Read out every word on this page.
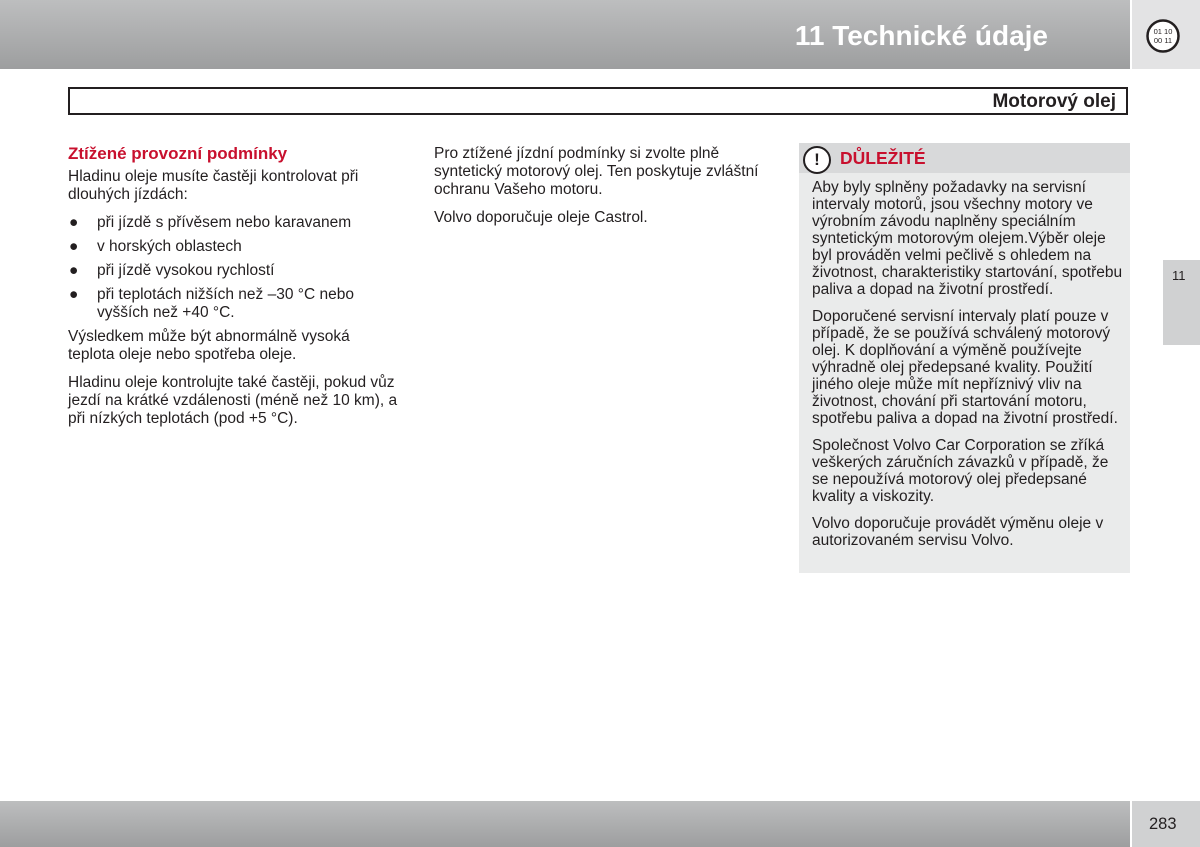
11 Technické údaje	01 10
00 11
Motorový olej
Ztížené provozní podmínky

Hladinu oleje musíte častěji kontrolovat při dlouhých jízdách:

● při jízdě s přívěsem nebo karavanem
● v horských oblastech
● při jízdě vysokou rychlostí
● při teplotách nižších než –30 °C nebo vyšších než +40 °C.

Výsledkem může být abnormálně vysoká teplota oleje nebo spotřeba oleje.

Hladinu oleje kontrolujte také častěji, pokud vůz jezdí na krátké vzdálenosti (méně než 10 km), a při nízkých teplotách (pod +5 °C).

Pro ztížené jízdní podmínky si zvolte plně syntetický motorový olej. Ten poskytuje zvláštní ochranu Vašeho motoru.

Volvo doporučuje oleje Castrol.

!	DŮLEŽITÉ

Aby byly splněny požadavky na servisní intervaly motorů, jsou všechny motory ve výrobním závodu naplněny speciálním syntetickým motorovým olejem.Výběr oleje byl prováděn velmi pečlivě s ohledem na životnost, charakteristiky startování, spotřebu paliva a dopad na životní prostředí.

Doporučené servisní intervaly platí pouze v případě, že se používá schválený motorový olej. K doplňování a výměně používejte výhradně olej předepsané kvality. Použití jiného oleje může mít nepříznivý vliv na životnost, chování při startování motoru, spotřebu paliva a dopad na životní prostředí.

Společnost Volvo Car Corporation se zříká veškerých záručních závazků v případě, že se nepoužívá motorový olej předepsané kvality a viskozity.

Volvo doporučuje provádět výměnu oleje v autorizovaném servisu Volvo.

11
283
